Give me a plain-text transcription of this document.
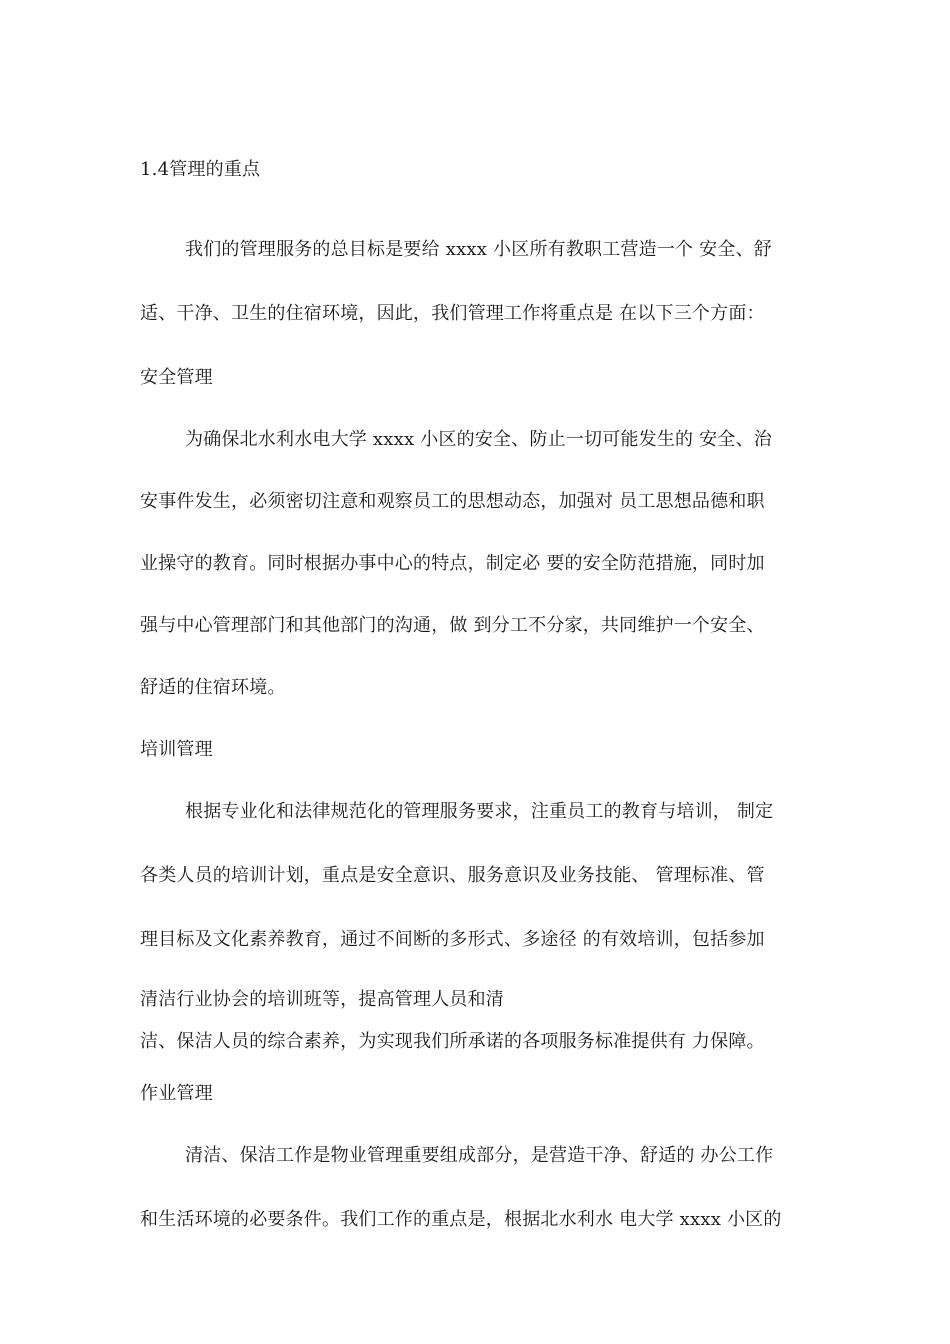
1.4管理的重点
我们的管理服务的总目标是要给 xxxx 小区所有教职工营造一个 安全、舒
适、干净、卫生的住宿环境，因此，我们管理工作将重点是 在以下三个方面：
安全管理
为确保北水利水电大学 xxxx 小区的安全、防止一切可能发生的 安全、治
安事件发生，必须密切注意和观察员工的思想动态，加强对 员工思想品德和职
业操守的教育。同时根据办事中心的特点，制定必 要的安全防范措施，同时加
强与中心管理部门和其他部门的沟通，做 到分工不分家，共同维护一个安全、
舒适的住宿环境。
培训管理
根据专业化和法律规范化的管理服务要求，注重员工的教育与培训， 制定
各类人员的培训计划，重点是安全意识、服务意识及业务技能、 管理标准、管
理目标及文化素养教育，通过不间断的多形式、多途径 的有效培训，包括参加
清洁行业协会的培训班等，提高管理人员和清
洁、保洁人员的综合素养，为实现我们所承诺的各项服务标准提供有 力保障。
作业管理
清洁、保洁工作是物业管理重要组成部分，是营造干净、舒适的 办公工作
和生活环境的必要条件。我们工作的重点是，根据北水利水 电大学 xxxx 小区的
